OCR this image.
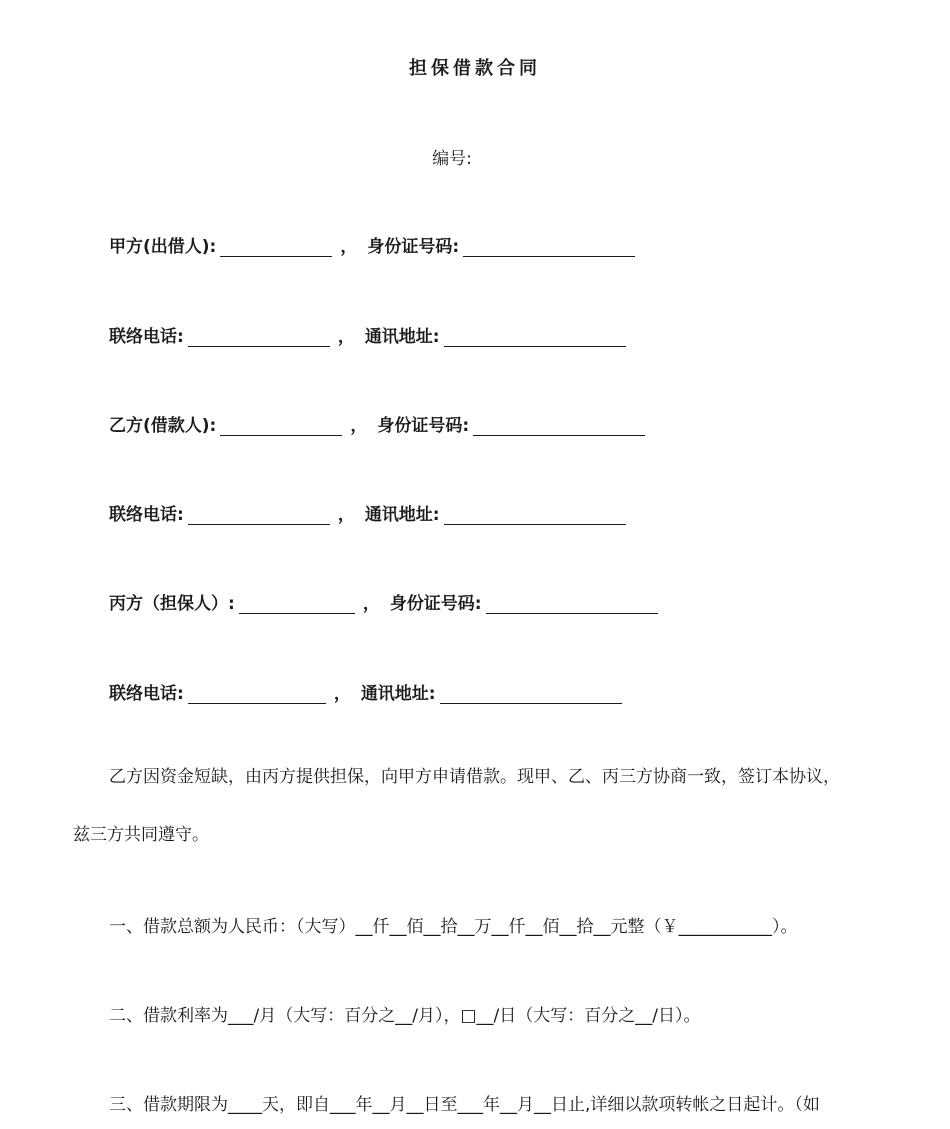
担保借款合同
编号:
甲方(出借人):	， 身份证号码:
联络电话:	， 通讯地址:
乙方(借款人):	， 身份证号码:
联络电话:	， 通讯地址:
丙方（担保人）:	， 身份证号码:
联络电话:	， 通讯地址:
乙方因资金短缺，由丙方提供担保，向甲方申请借款。现甲、乙、丙三方协商一致，签订本协议，
兹三方共同遵守。
一、借款总额为人民币：（大写）__仟__佰__拾__万__仟__佰__拾__元整（￥___________）。
二、借款利率为___/月（大写：百分之__/月），□__/日（大写：百分之__/日）。
三、借款期限为____天，即自___年__月__日至___年__月__日止,详细以款项转帐之日起计。（如
